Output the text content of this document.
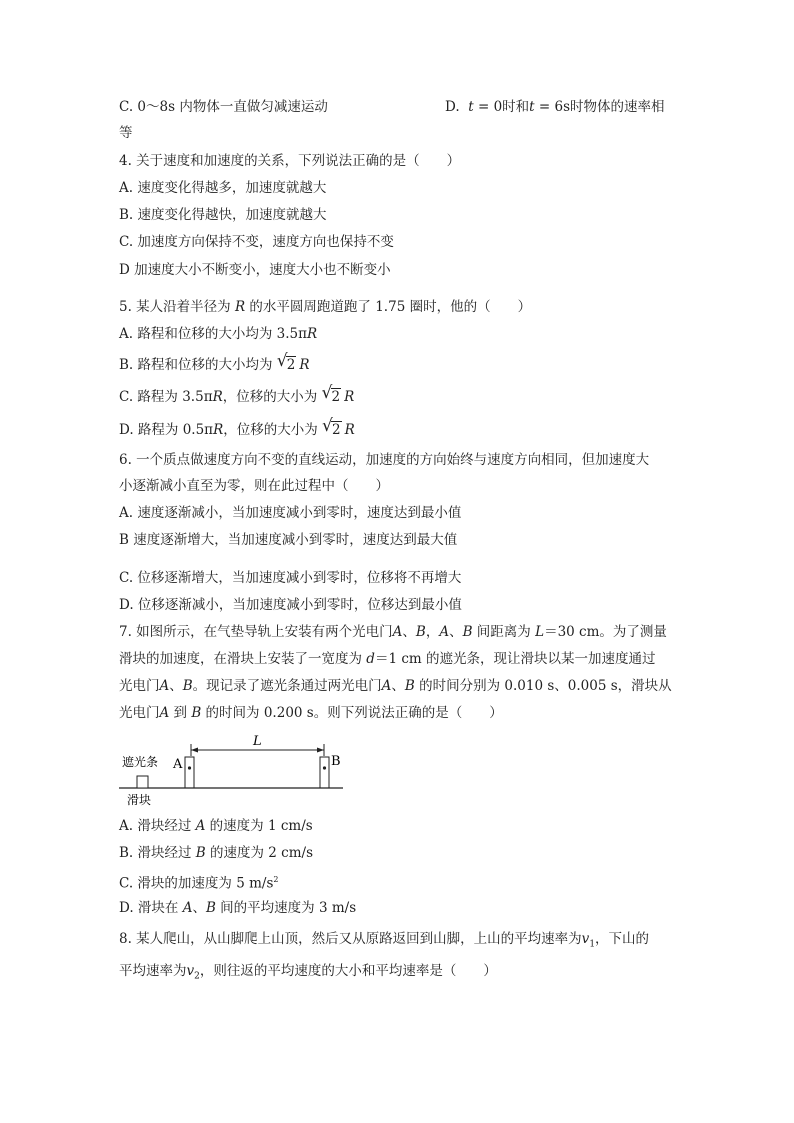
C. 0～8s 内物体一直做匀减速运动	D. t = 0时和t = 6s时物体的速率相
等
4. 关于速度和加速度的关系，下列说法正确的是（　　）
A. 速度变化得越多，加速度就越大
B. 速度变化得越快，加速度就越大
C. 加速度方向保持不变，速度方向也保持不变
D 加速度大小不断变小，速度大小也不断变小
5. 某人沿着半径为 R 的水平圆周跑道跑了 1.75 圈时，他的（　　）
A. 路程和位移的大小均为 3.5πR
B. 路程和位移的大小均为 √ 2 R
C. 路程为 3.5πR，位移的大小为 √ 2 R
D. 路程为 0.5πR，位移的大小为 √ 2 R
6. 一个质点做速度方向不变的直线运动，加速度的方向始终与速度方向相同，但加速度大
小逐渐减小直至为零，则在此过程中（　　）
A. 速度逐渐减小，当加速度减小到零时，速度达到最小值
B 速度逐渐增大，当加速度减小到零时，速度达到最大值
C. 位移逐渐增大，当加速度减小到零时，位移将不再增大
D. 位移逐渐减小，当加速度减小到零时，位移达到最小值
7. 如图所示，在气垫导轨上安装有两个光电门A、B，A、B 间距离为 L＝30 cm。为了测量
滑块的加速度，在滑块上安装了一宽度为 d＝1 cm 的遮光条，现让滑块以某一加速度通过
光电门A、B。现记录了遮光条通过两光电门A、B 的时间分别为 0.010 s、0.005 s，滑块从
光电门A 到 B 的时间为 0.200 s。则下列说法正确的是（　　）
L
A	B
遮光条
滑块
A. 滑块经过 A 的速度为 1 cm/s
B. 滑块经过 B 的速度为 2 cm/s
C. 滑块的加速度为 5 $m/s^2$
D. 滑块在 A、B 间的平均速度为 3 m/s
8. 某人爬山，从山脚爬上山顶，然后又从原路返回到山脚，上山的平均速率为$v_1$，下山的
平均速率为$v_2$，则往返的平均速度的大小和平均速率是（　　）
